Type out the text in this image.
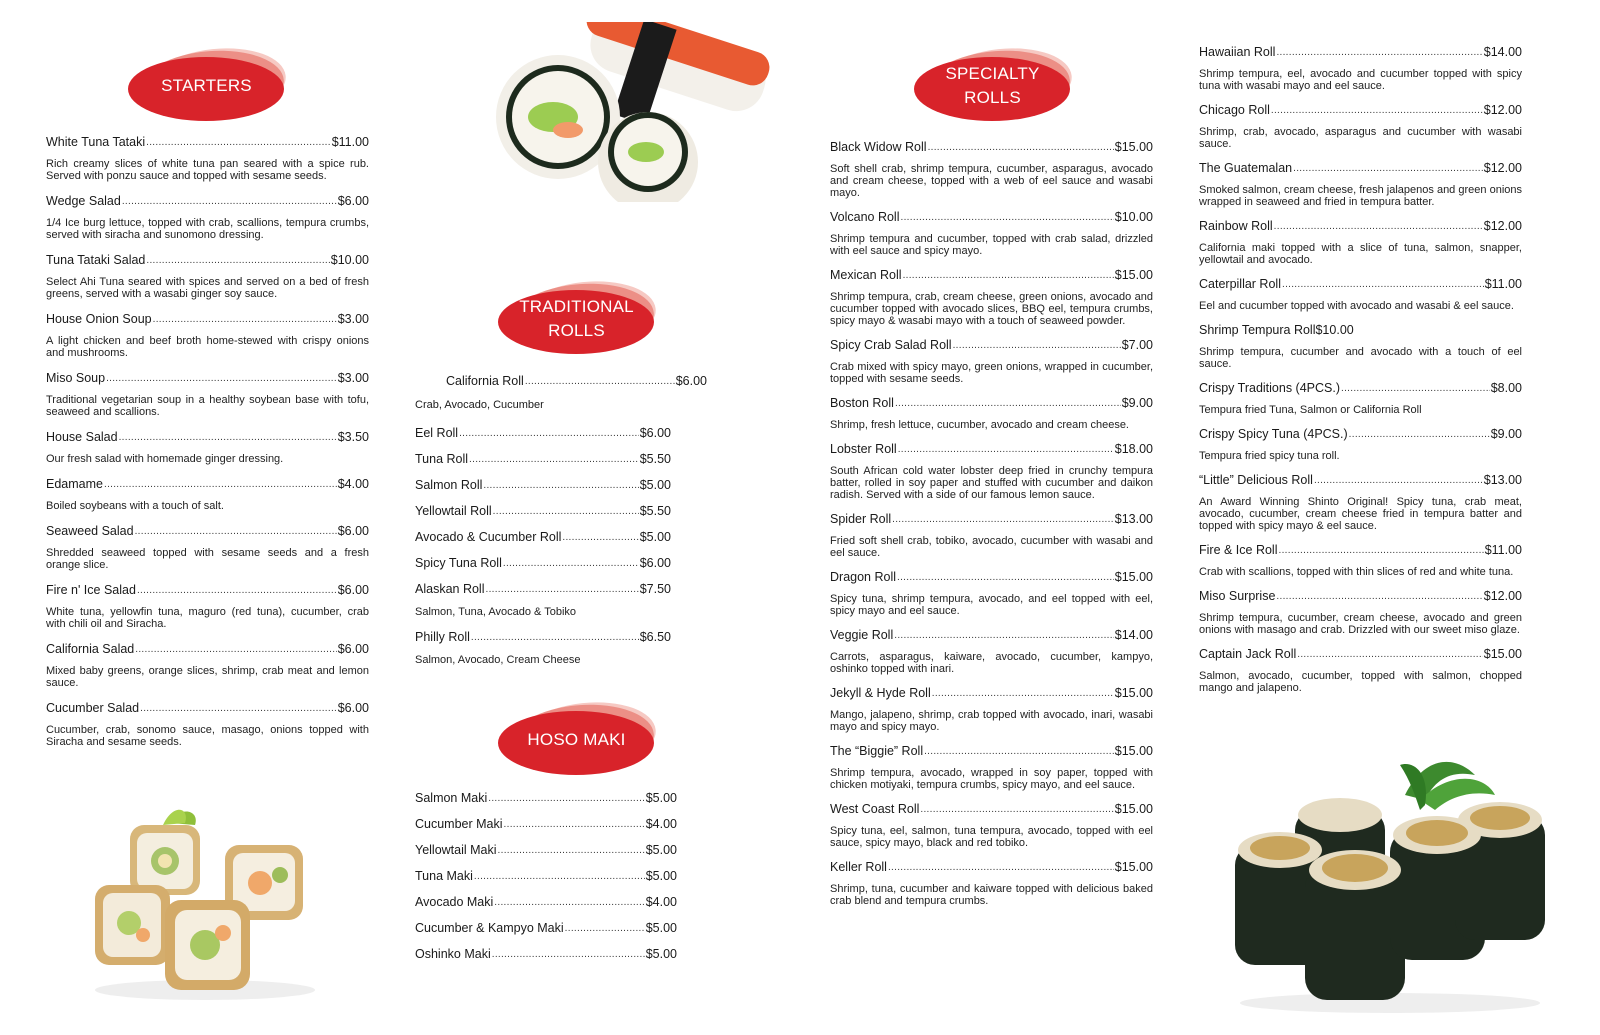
STARTERS
White Tuna Tataki .....	$11.00
Rich creamy slices of white tuna pan seared with a spice rub. Served with ponzu sauce and topped with sesame seeds.
Wedge Salad .....	$6.00
1/4 Ice burg lettuce, topped with crab, scallions, tempura crumbs, served with siracha and sunomono dressing.
Tuna Tataki Salad .....	$10.00
Select Ahi Tuna seared with spices and served on a bed of fresh greens, served with a wasabi ginger soy sauce.
House Onion Soup .....	$3.00
A light chicken and beef broth home-stewed with crispy onions and mushrooms.
Miso Soup .....	$3.00
Traditional vegetarian soup in a healthy soybean base with tofu, seaweed and scallions.
House Salad .....	$3.50
Our fresh salad with homemade ginger dressing.
Edamame .....	$4.00
Boiled soybeans with a touch of salt.
Seaweed Salad .....	$6.00
Shredded seaweed topped with sesame seeds and a fresh orange slice.
Fire n' Ice Salad .....	$6.00
White tuna, yellowfin tuna, maguro (red tuna), cucumber, crab with chili oil and Siracha.
California Salad .....	$6.00
Mixed baby greens, orange slices, shrimp, crab meat and lemon sauce.
Cucumber Salad .....	$6.00
Cucumber, crab, sonomo sauce, masago, onions topped with Siracha and sesame seeds.
TRADITIONAL
ROLLS
California Roll .....	$6.00
Crab, Avocado, Cucumber
Eel Roll .....	$6.00
Tuna Roll .....	$5.50
Salmon Roll .....	$5.00
Yellowtail Roll .....	$5.50
Avocado & Cucumber Roll .....	$5.00
Spicy Tuna Roll .....	$6.00
Alaskan Roll .....	$7.50
Salmon, Tuna, Avocado & Tobiko
Philly Roll .....	$6.50
Salmon, Avocado, Cream Cheese
HOSO MAKI
Salmon Maki .....	$5.00
Cucumber Maki .....	$4.00
Yellowtail Maki .....	$5.00
Tuna Maki .....	$5.00
Avocado Maki .....	$4.00
Cucumber & Kampyo Maki .....	$5.00
Oshinko Maki .....	$5.00
SPECIALTY
ROLLS
Black Widow Roll .....	$15.00
Soft shell crab, shrimp tempura, cucumber, asparagus, avocado and cream cheese, topped with a web of eel sauce and wasabi mayo.
Volcano Roll .....	$10.00
Shrimp tempura and cucumber, topped with crab salad, drizzled with eel sauce and spicy mayo.
Mexican Roll .....	$15.00
Shrimp tempura, crab, cream cheese, green onions, avocado and cucumber topped with avocado slices, BBQ eel, tempura crumbs, spicy mayo & wasabi mayo with a touch of seaweed powder.
Spicy Crab Salad Roll .....	$7.00
Crab mixed with spicy mayo, green onions, wrapped in cucumber, topped with sesame seeds.
Boston Roll .....	$9.00
Shrimp, fresh lettuce, cucumber, avocado and cream cheese.
Lobster Roll .....	$18.00
South African cold water lobster deep fried in crunchy tempura batter, rolled in soy paper and stuffed with cucumber and daikon radish. Served with a side of our famous lemon sauce.
Spider Roll .....	$13.00
Fried soft shell crab, tobiko, avocado, cucumber with wasabi and eel sauce.
Dragon Roll .....	$15.00
Spicy tuna, shrimp tempura, avocado, and eel topped with eel, spicy mayo and eel sauce.
Veggie Roll .....	$14.00
Carrots, asparagus, kaiware, avocado, cucumber, kampyo, oshinko topped with inari.
Jekyll & Hyde Roll .....	$15.00
Mango, jalapeno, shrimp, crab topped with avocado, inari, wasabi mayo and spicy mayo.
The “Biggie” Roll .....	$15.00
Shrimp tempura, avocado, wrapped in soy paper, topped with chicken motiyaki, tempura crumbs, spicy mayo, and eel sauce.
West Coast Roll .....	$15.00
Spicy tuna, eel, salmon, tuna tempura, avocado, topped with eel sauce, spicy mayo, black and red tobiko.
Keller Roll .....	$15.00
Shrimp, tuna, cucumber and kaiware topped with delicious baked crab blend and tempura crumbs.
Hawaiian Roll .....	$14.00
Shrimp tempura, eel, avocado and cucumber topped with spicy tuna with wasabi mayo and eel sauce.
Chicago Roll .....	$12.00
Shrimp, crab, avocado, asparagus and cucumber with wasabi sauce.
The Guatemalan .....	$12.00
Smoked salmon, cream cheese, fresh jalapenos and green onions wrapped in seaweed and fried in tempura batter.
Rainbow Roll .....	$12.00
California maki topped with a slice of tuna, salmon, snapper, yellowtail and avocado.
Caterpillar Roll .....	$11.00
Eel and cucumber topped with avocado and wasabi & eel sauce.
Shrimp Tempura Roll $10.00
Shrimp tempura, cucumber and avocado with a touch of eel sauce.
Crispy Traditions (4PCS.) .....	$8.00
Tempura fried Tuna, Salmon or California Roll
Crispy Spicy Tuna (4PCS.) .....	$9.00
Tempura fried spicy tuna roll.
“Little” Delicious Roll .....	$13.00
An Award Winning Shinto Original! Spicy tuna, crab meat, avocado, cucumber, cream cheese fried in tempura batter and topped with spicy mayo & eel sauce.
Fire & Ice Roll .....	$11.00
Crab with scallions, topped with thin slices of red and white tuna.
Miso Surprise .....	$12.00
Shrimp tempura, cucumber, cream cheese, avocado and green onions with masago and crab. Drizzled with our sweet miso glaze.
Captain Jack Roll .....	$15.00
Salmon, avocado, cucumber, topped with salmon, chopped mango and jalapeno.
